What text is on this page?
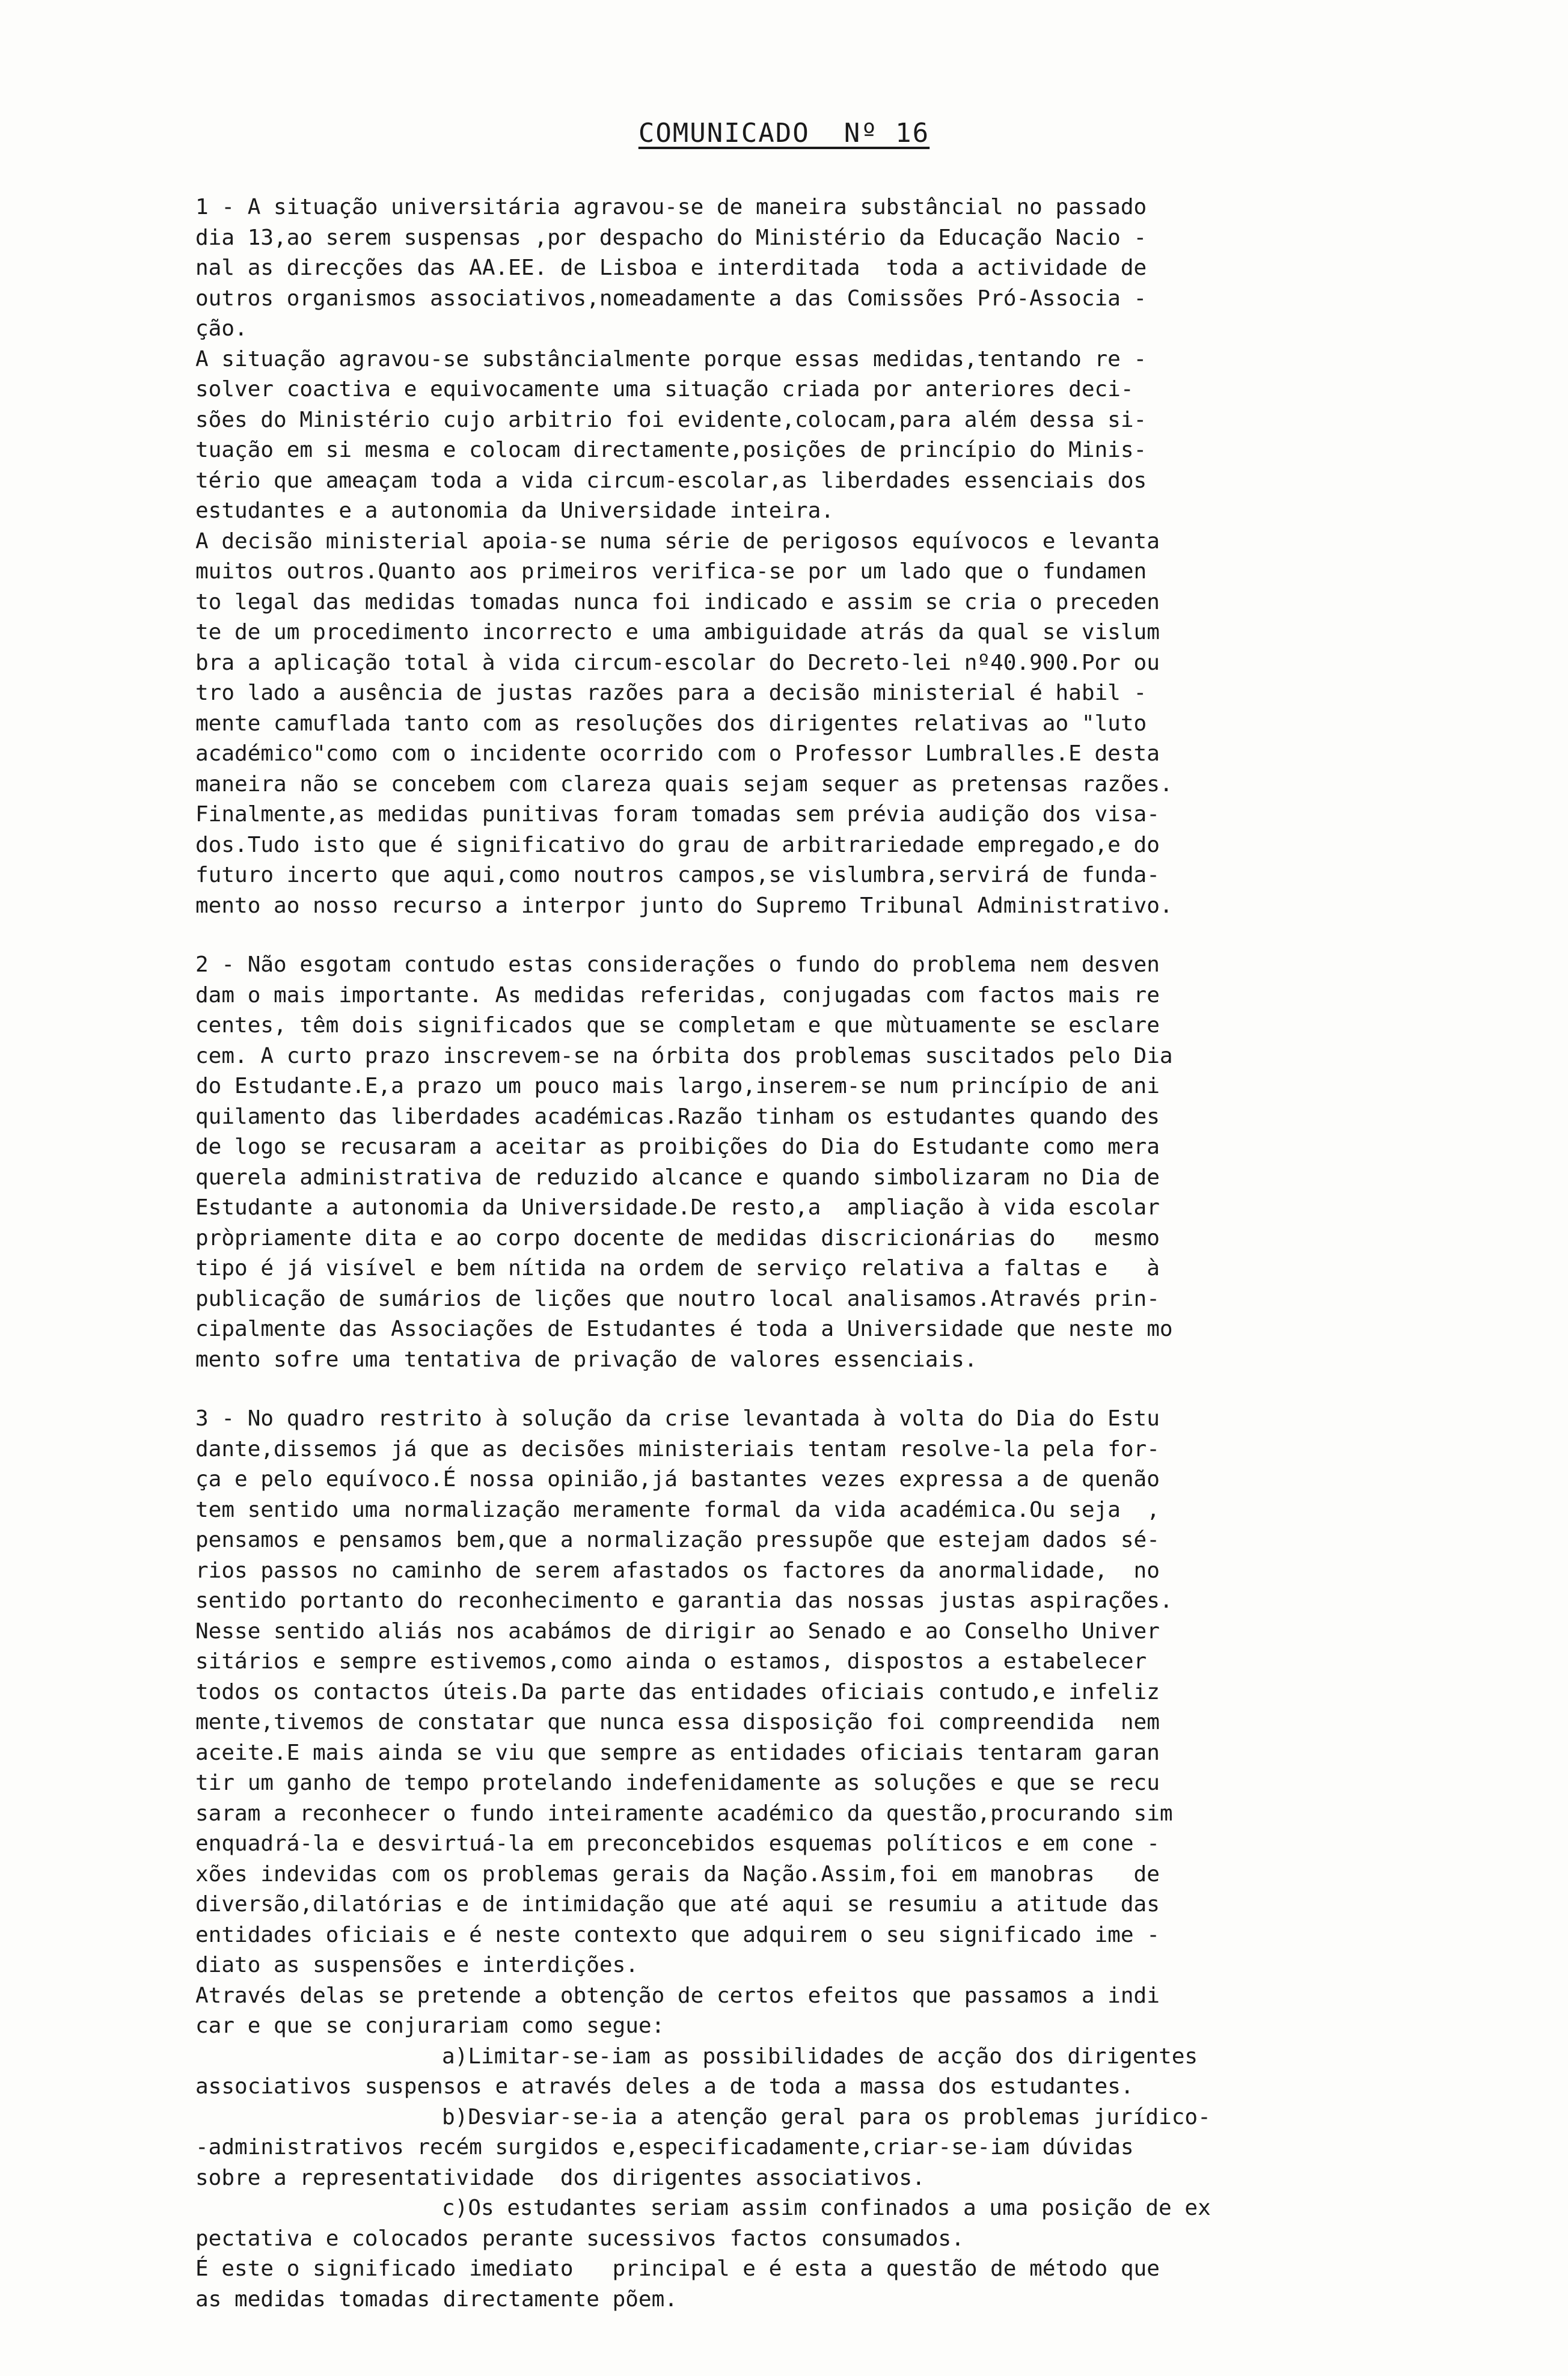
COMUNICADO  Nº 16
1 - A situação universitária agravou-se de maneira substâncial no passado
dia 13,ao serem suspensas ,por despacho do Ministério da Educação Nacio -
nal as direcções das AA.EE. de Lisboa e interditada  toda a actividade de
outros organismos associativos,nomeadamente a das Comissões Pró-Associa -
ção.
A situação agravou-se substâncialmente porque essas medidas,tentando re -
solver coactiva e equivocamente uma situação criada por anteriores deci-
sões do Ministério cujo arbitrio foi evidente,colocam,para além dessa si-
tuação em si mesma e colocam directamente,posições de princípio do Minis-
tério que ameaçam toda a vida circum-escolar,as liberdades essenciais dos
estudantes e a autonomia da Universidade inteira.
A decisão ministerial apoia-se numa série de perigosos equívocos e levanta
muitos outros.Quanto aos primeiros verifica-se por um lado que o fundamen
to legal das medidas tomadas nunca foi indicado e assim se cria o preceden
te de um procedimento incorrecto e uma ambiguidade atrás da qual se vislum
bra a aplicação total à vida circum-escolar do Decreto-lei nº40.900.Por ou
tro lado a ausência de justas razões para a decisão ministerial é habil -
mente camuflada tanto com as resoluções dos dirigentes relativas ao "luto
académico"como com o incidente ocorrido com o Professor Lumbralles.E desta
maneira não se concebem com clareza quais sejam sequer as pretensas razões.
Finalmente,as medidas punitivas foram tomadas sem prévia audição dos visa-
dos.Tudo isto que é significativo do grau de arbitrariedade empregado,e do
futuro incerto que aqui,como noutros campos,se vislumbra,servirá de funda-
mento ao nosso recurso a interpor junto do Supremo Tribunal Administrativo.
2 - Não esgotam contudo estas considerações o fundo do problema nem desven
dam o mais importante. As medidas referidas, conjugadas com factos mais re
centes, têm dois significados que se completam e que mùtuamente se esclare
cem. A curto prazo inscrevem-se na órbita dos problemas suscitados pelo Dia
do Estudante.E,a prazo um pouco mais largo,inserem-se num princípio de ani
quilamento das liberdades académicas.Razão tinham os estudantes quando des
de logo se recusaram a aceitar as proibições do Dia do Estudante como mera
querela administrativa de reduzido alcance e quando simbolizaram no Dia de
Estudante a autonomia da Universidade.De resto,a  ampliação à vida escolar
pròpriamente dita e ao corpo docente de medidas discricionárias do   mesmo
tipo é já visível e bem nítida na ordem de serviço relativa a faltas e   à
publicação de sumários de lições que noutro local analisamos.Através prin-
cipalmente das Associações de Estudantes é toda a Universidade que neste mo
mento sofre uma tentativa de privação de valores essenciais.
3 - No quadro restrito à solução da crise levantada à volta do Dia do Estu
dante,dissemos já que as decisões ministeriais tentam resolve-la pela for-
ça e pelo equívoco.É nossa opinião,já bastantes vezes expressa a de quenão
tem sentido uma normalização meramente formal da vida académica.Ou seja  ,
pensamos e pensamos bem,que a normalização pressupõe que estejam dados sé-
rios passos no caminho de serem afastados os factores da anormalidade,  no
sentido portanto do reconhecimento e garantia das nossas justas aspirações.
Nesse sentido aliás nos acabámos de dirigir ao Senado e ao Conselho Univer
sitários e sempre estivemos,como ainda o estamos, dispostos a estabelecer
todos os contactos úteis.Da parte das entidades oficiais contudo,e infeliz
mente,tivemos de constatar que nunca essa disposição foi compreendida  nem
aceite.E mais ainda se viu que sempre as entidades oficiais tentaram garan
tir um ganho de tempo protelando indefenidamente as soluções e que se recu
saram a reconhecer o fundo inteiramente académico da questão,procurando sim
enquadrá-la e desvirtuá-la em preconcebidos esquemas políticos e em cone -
xões indevidas com os problemas gerais da Nação.Assim,foi em manobras   de
diversão,dilatórias e de intimidação que até aqui se resumiu a atitude das
entidades oficiais e é neste contexto que adquirem o seu significado ime -
diato as suspensões e interdições.
Através delas se pretende a obtenção de certos efeitos que passamos a indi
car e que se conjurariam como segue:
a)Limitar-se-iam as possibilidades de acção dos dirigentes
associativos suspensos e através deles a de toda a massa dos estudantes.
b)Desviar-se-ia a atenção geral para os problemas jurídico-
-administrativos recém surgidos e,especificadamente,criar-se-iam dúvidas
sobre a representatividade  dos dirigentes associativos.
c)Os estudantes seriam assim confinados a uma posição de ex
pectativa e colocados perante sucessivos factos consumados.
É este o significado imediato   principal e é esta a questão de método que
as medidas tomadas directamente põem.
